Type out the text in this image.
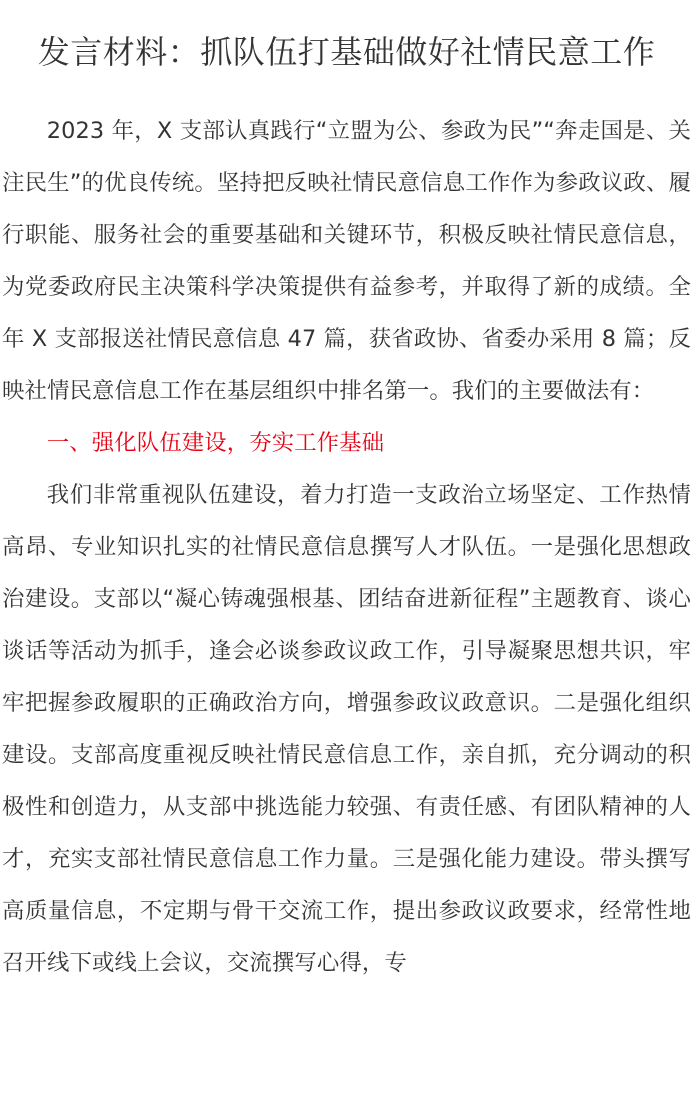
发言材料：抓队伍打基础做好社情民意工作

2023 年，X 支部认真践行“立盟为公、参政为民”“奔走国是、关注民生”的优良传统。坚持把反映社情民意信息工作作为参政议政、履行职能、服务社会的重要基础和关键环节，积极反映社情民意信息，为党委政府民主决策科学决策提供有益参考，并取得了新的成绩。全年 X 支部报送社情民意信息 47 篇，获省政协、省委办采用 8 篇；反映社情民意信息工作在基层组织中排名第一。我们的主要做法有：

一、强化队伍建设，夯实工作基础

我们非常重视队伍建设，着力打造一支政治立场坚定、工作热情高昂、专业知识扎实的社情民意信息撰写人才队伍。一是强化思想政治建设。支部以“凝心铸魂强根基、团结奋进新征程”主题教育、谈心谈话等活动为抓手，逢会必谈参政议政工作，引导凝聚思想共识，牢牢把握参政履职的正确政治方向，增强参政议政意识。二是强化组织建设。支部高度重视反映社情民意信息工作，亲自抓，充分调动的积极性和创造力，从支部中挑选能力较强、有责任感、有团队精神的人才，充实支部社情民意信息工作力量。三是强化能力建设。带头撰写高质量信息，不定期与骨干交流工作，提出参政议政要求，经常性地召开线下或线上会议，交流撰写心得，专
